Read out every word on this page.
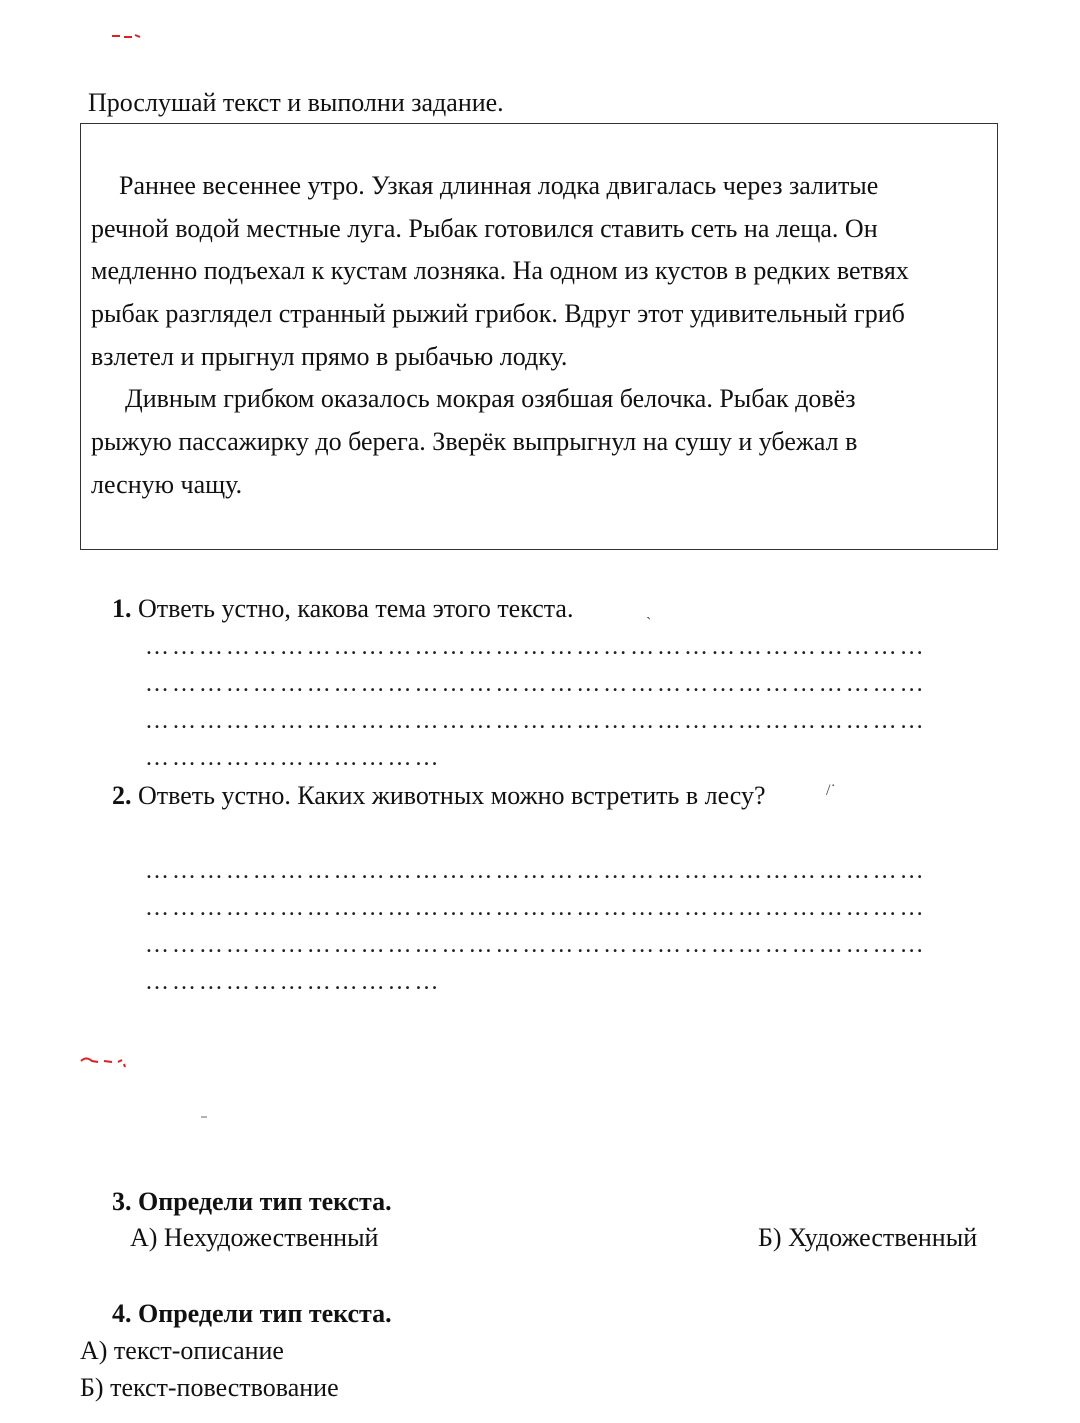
Прослушай текст и выполни задание.
Раннее весеннее утро. Узкая длинная лодка двигалась через залитые
речной водой местные луга. Рыбак готовился ставить сеть на леща. Он
медленно подъехал к кустам лозняка. На одном из кустов в редких ветвях
рыбак разглядел странный рыжий грибок. Вдруг этот удивительный гриб
взлетел и прыгнул прямо в рыбачью лодку.
Дивным грибком оказалось мокрая озябшая белочка. Рыбак довёз
рыжую пассажирку до берега. Зверёк выпрыгнул на сушу и убежал в
лесную чащу.
1. Ответь устно, какова тема этого текста.	ˏ
……………………………………………………………………………
……………………………………………………………………………
……………………………………………………………………………
……………………………
2. Ответь устно. Каких животных можно встретить в лесу?	/˙
……………………………………………………………………………
……………………………………………………………………………
……………………………………………………………………………
……………………………
3. Определи тип текста.
А) Нехудожественный	Б) Художественный
4. Определи тип текста.
А) текст-описание
Б) текст-повествование
